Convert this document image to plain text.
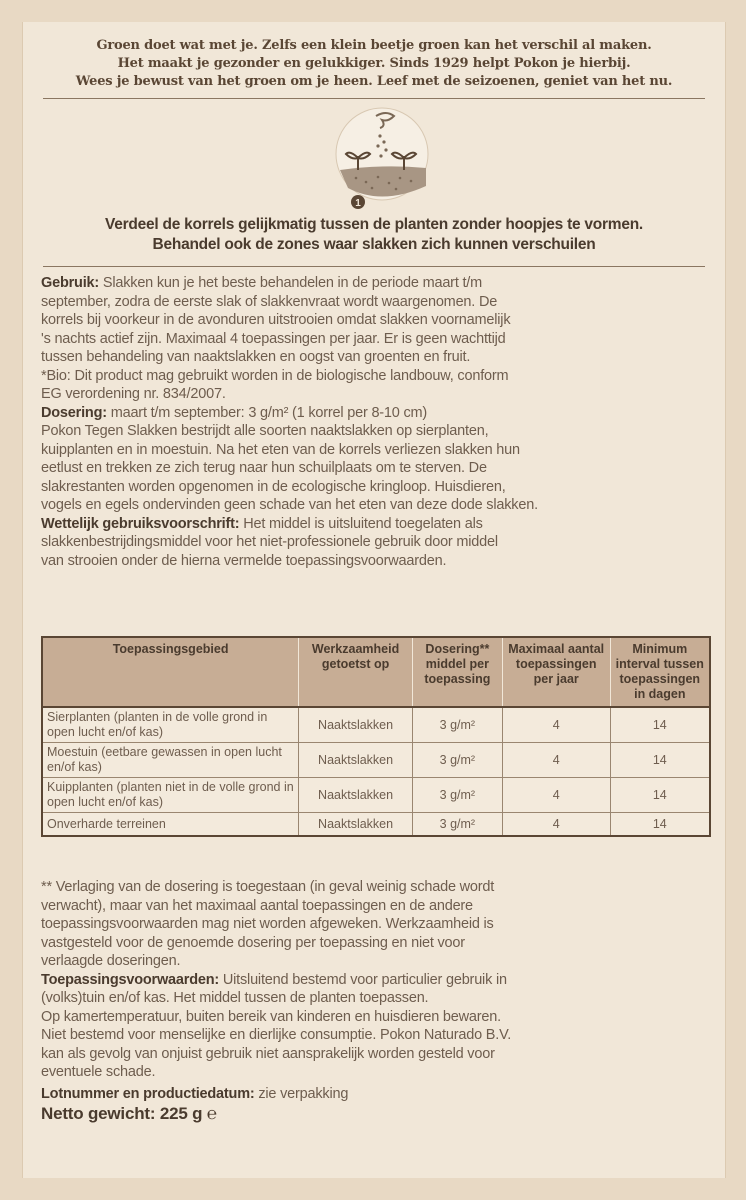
Groen doet wat met je. Zelfs een klein beetje groen kan het verschil al maken.
Het maakt je gezonder en gelukkiger. Sinds 1929 helpt Pokon je hierbij.
Wees je bewust van het groen om je heen. Leef met de seizoenen, geniet van het nu.
1
Verdeel de korrels gelijkmatig tussen de planten zonder hoopjes te vormen.
Behandel ook de zones waar slakken zich kunnen verschuilen

Gebruik: Slakken kun je het beste behandelen in de periode maart t/m

september, zodra de eerste slak of slakkenvraat wordt waargenomen. De
korrels bij voorkeur in de avonduren uitstrooien omdat slakken voornamelijk
's nachts actief zijn. Maximaal 4 toepassingen per jaar. Er is geen wachttijd
tussen behandeling van naaktslakken en oogst van groenten en fruit.
*Bio: Dit product mag gebruikt worden in de biologische landbouw, conform
EG verordening nr. 834/2007.

Dosering: maart t/m september: 3 g/m² (1 korrel per 8-10 cm)

Pokon Tegen Slakken bestrijdt alle soorten naaktslakken op sierplanten,
kuipplanten en in moestuin. Na het eten van de korrels verliezen slakken hun
eetlust en trekken ze zich terug naar hun schuilplaats om te sterven. De
slakrestanten worden opgenomen in de ecologische kringloop. Huisdieren,
vogels en egels ondervinden geen schade van het eten van deze dode slakken.

Wettelijk gebruiksvoorschrift: Het middel is uitsluitend toegelaten als

slakkenbestrijdingsmiddel voor het niet-professionele gebruik door middel
van strooien onder de hierna vermelde toepassingsvoorwaarden.
Toepassingsgebied	Werkzaamheid getoetst op	Dosering** middel per toepassing	Maximaal aantal toepassingen per jaar	Minimum interval tussen toepassingen in dagen
Sierplanten (planten in de volle grond in open lucht en/of kas)	Naaktslakken	3 g/m²	4	14
Moestuin (eetbare gewassen in open lucht en/of kas)	Naaktslakken	3 g/m²	4	14
Kuipplanten (planten niet in de volle grond in open lucht en/of kas)	Naaktslakken	3 g/m²	4	14
Onverharde terreinen	Naaktslakken	3 g/m²	4	14

** Verlaging van de dosering is toegestaan (in geval weinig schade wordt

verwacht), maar van het maximaal aantal toepassingen en de andere

toepassingsvoorwaarden mag niet worden afgeweken. Werkzaamheid is

vastgesteld voor de genoemde dosering per toepassing en niet voor

verlaagde doseringen.

Toepassingsvoorwaarden: Uitsluitend bestemd voor particulier gebruik in

(volks)tuin en/of kas. Het middel tussen de planten toepassen.

Op kamertemperatuur, buiten bereik van kinderen en huisdieren bewaren.

Niet bestemd voor menselijke en dierlijke consumptie. Pokon Naturado B.V.

kan als gevolg van onjuist gebruik niet aansprakelijk worden gesteld voor

eventuele schade.

Lotnummer en productiedatum: zie verpakking

Netto gewicht: 225 g ℮
